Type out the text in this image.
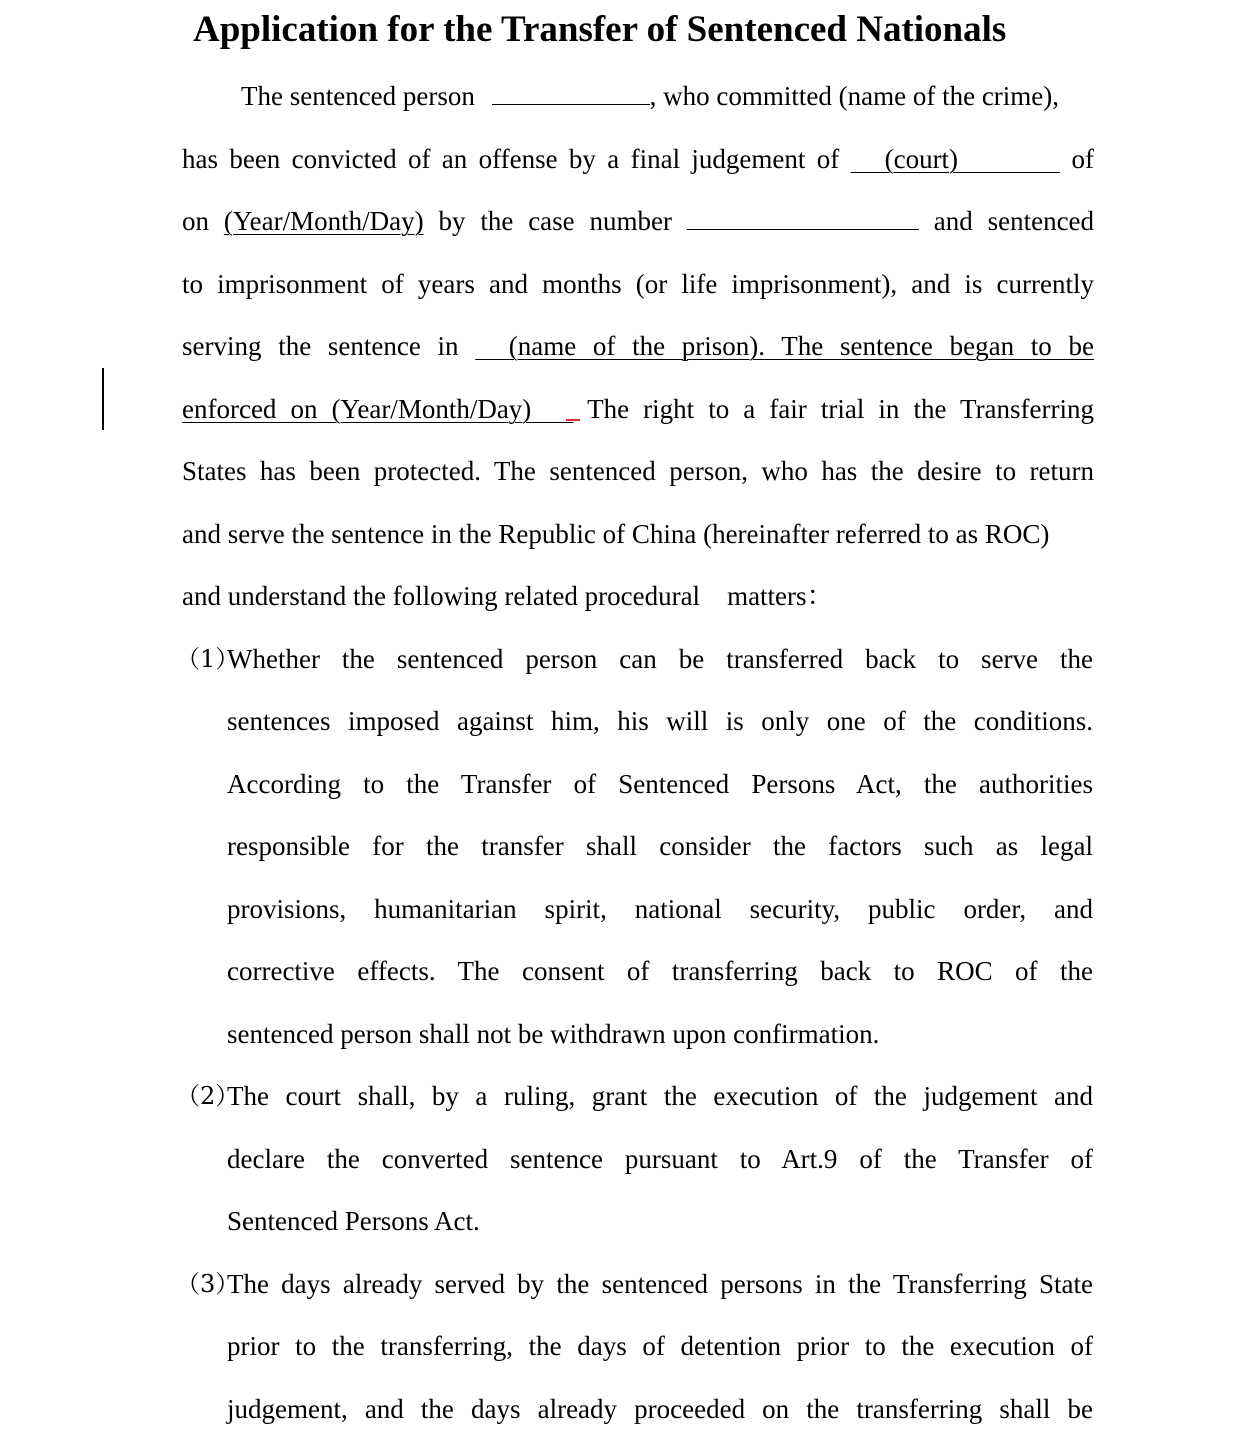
Application for the Transfer of Sentenced Nationals
The sentenced person	, who committed (name of the crime),
has been convicted of an offense by a final judgement of (court)	of
on (Year/Month/Day) by the case number	and sentenced
to imprisonment of years and months (or life imprisonment), and is currently
serving the sentence in (name of the prison). The sentence began to be
enforced on (Year/Month/Day) The right to a fair trial in the Transferring
States has been protected. The sentenced person, who has the desire to return
and serve the sentence in the Republic of China (hereinafter referred to as ROC)
and understand the following related procedural    matters：
（1）
Whether the sentenced person can be transferred back to serve the
sentences imposed against him, his will is only one of the conditions.
According to the Transfer of Sentenced Persons Act, the authorities
responsible for the transfer shall consider the factors such as legal
provisions, humanitarian spirit, national security, public order, and
corrective effects. The consent of transferring back to ROC of the
sentenced person shall not be withdrawn upon confirmation.
（2）
The court shall, by a ruling, grant the execution of the judgement and
declare the converted sentence pursuant to Art.9 of the Transfer of
Sentenced Persons Act.
（3）
The days already served by the sentenced persons in the Transferring State
prior to the transferring, the days of detention prior to the execution of
judgement, and the days already proceeded on the transferring shall be
